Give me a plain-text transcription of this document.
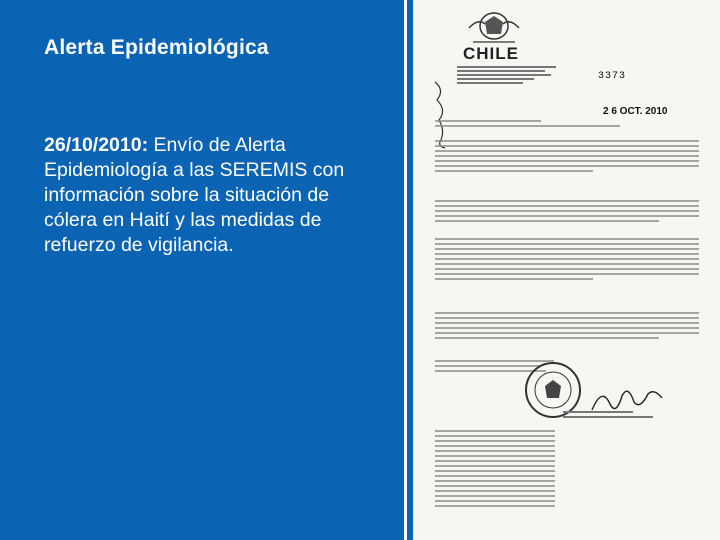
Alerta Epidemiológica

26/10/2010: Envío de Alerta Epidemiología a las SEREMIS con información sobre la situación de cólera en Haití y las medidas de refuerzo de vigilancia.

CHILE
3373
2 6 OCT. 2010
